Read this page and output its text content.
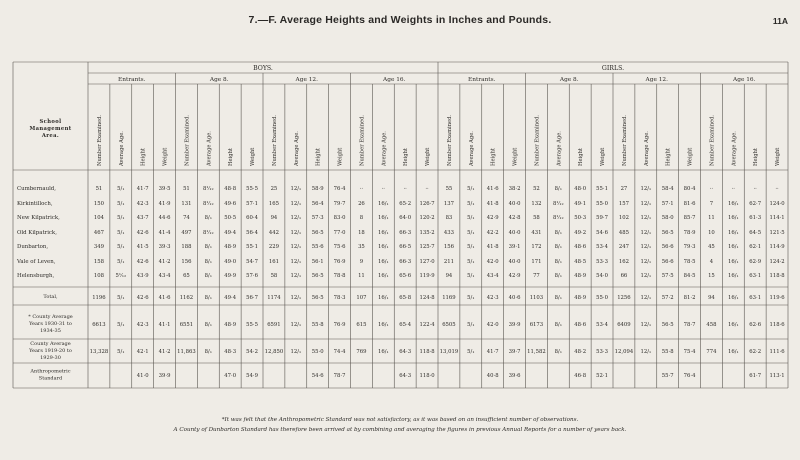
7.—F. Average Heights and Weights in Inches and Pounds.	11A
BOYS.	GIRLS.
Entrants.	Age 8.	Age 12.	Age 16.	Entrants.	Age 8.	Age 12.	Age 16.
Number Examined.	Average Age.	Height	Weight	Number Examined.	Average Age.	Height	Weight	Number Examined.	Average Age.	Height	Weight	Number Examined.	Average Age.	Height	Weight	Number Examined.	Average Age.	Height	Weight	Number Examined.	Average Age.	Height	Weight	Number Examined.	Average Age.	Height	Weight	Number Examined.	Average Age.	Height	Weight
School
Management
Area.
Cumbernauld,	51	5/₁ 41·7 39·5 51 8¹⁄₁₂ 48·8 55·5 25 12/₁ 58·9 76·4	··	··	··	··	55	5/₁ 41·6 38·2 52	8/₁ 48·0 55·1 27 12/₁ 58·4 80·4	··	··	··	··
Kirkintilloch,	150 5/₁ 42·3 41·9 131 8¹⁄₁₂ 49·6 57·1 165 12/₁ 56·4 79·7 26 16/₁ 65·2 126·7 137 5/₁ 41·8 40·0 132 8¹⁄₁₂ 49·1 55·0 157 12/₁ 57·1 81·6	7	16/₁ 62·7 124·0
New Kilpatrick,	104 5/₁ 43·7 44·6 74	8/₁ 50·5 60·4 94 12/₁ 57·3 83·0	8	16/₁ 64·0 120·2 83	5/₁ 42·9 42·8 58 8¹⁄₁₂ 50·3 59·7 102 12/₁ 58·0 85·7 11 16/₁ 61·3 114·1
Old Kilpatrick,	467 5/₁ 42·6 41·4 497 8¹⁄₁₂ 49·4 56·4 442 12/₁ 56·5 77·0 18 16/₁ 66·3 135·2 433 5/₁ 42·2 40·0 431 8/₁ 49·2 54·6 485 12/₁ 56·5 78·9 10 16/₁ 64·5 121·5
Dunbarton,	349 5/₁ 41·5 39·3 188 8/₁ 48·9 55·1 229 12/₁ 55·6 75·6 35 16/₁ 66·5 125·7 156 5/₁ 41·8 39·1 172 8/₁ 48·6 53·4 247 12/₁ 56·6 79·3 45 16/₁ 62·1 114·9
Vale of Leven,	158 5/₁ 42·6 41·2 156 8/₁ 49·0 54·7 161 12/₁ 56·1 76·9	9	16/₁ 66·3 127·0 211 5/₁ 42·0 40·0 171 8/₁ 48·5 53·3 162 12/₁ 56·6 78·5	4	16/₁ 62·9 124·2
Helensburgh,	108 5¹⁄₁₂ 43·9 43·4 65	8/₁ 49·9 57·6 58 12/₁ 56·5 78·8 11 16/₁ 65·6 119·9 94	5/₁ 43·4 42·9 77	8/₁ 48·9 54·0 66 12/₁ 57·5 84·5 15 16/₁ 63·1 118·8
Total,	1196 5/₁ 42·6 41·6 1162 8/₁ 49·4 56·7 1174 12/₁ 56·5 78·3 107 16/₁ 65·8 124·8 1169 5/₁ 42·3 40·6 1103 8/₁ 48·9 55·0 1256 12/₁ 57·2 81·2 94 16/₁ 63·1 119·6
* County Average
Years 1930-31 to
1934-35
6613 5/₁ 42·3 41·1 6551 8/₁ 48·9 55·5 6591 12/₁ 55·8 76·9 615 16/₁ 65·4 122·4 6505 5/₁ 42·0 39·9 6173 8/₁ 48·6 53·4 6409 12/₁ 56·5 78·7 458 16/₁ 62·6 118·6
County Average
Years 1919-20 to
1929-30
13,328 5/₁ 42·1 41·2 11,863 8/₁ 48·3 54·2 12,850 12/₁ 55·0 74·4 769 16/₁ 64·3 118·8 13,019 5/₁ 41·7 39·7 11,582 8/₁ 48·2 53·3 12,094 12/₁ 55·8 75·4 774 16/₁ 62·2 111·6
Anthropometric
Standard	41·0 39·9	47·0 54·9	54·6 78·7	64·3 118·0	40·8 39·6	46·8 52·1	55·7 76·4	61·7 113·1
*It was felt that the Anthropometric Standard was not satisfactory, as it was based on an insufficient number of observations.
A County of Dunbarton Standard has therefore been arrived at by combining and averaging the figures in previous Annual Reports for a number of years back.
